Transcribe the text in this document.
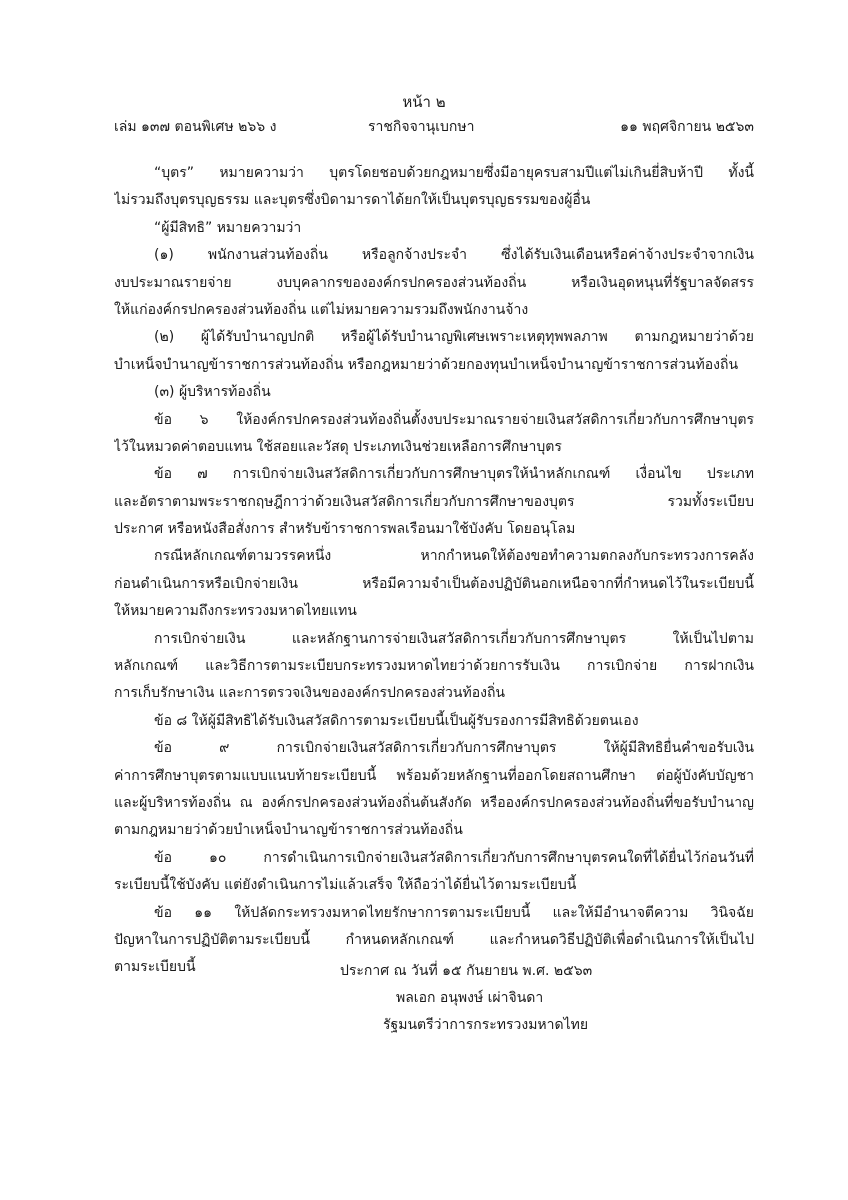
หน้า ๒
เล่ม ๑๓๗ ตอนพิเศษ ๒๖๖ ง	ราชกิจจานุเบกษา	๑๑ พฤศจิกายน ๒๕๖๓
“บุตร” หมายความว่า บุตรโดยชอบด้วยกฎหมายซึ่งมีอายุครบสามปีแต่ไม่เกินยี่สิบห้าปี ทั้งนี้
ไม่รวมถึงบุตรบุญธรรม และบุตรซึ่งบิดามารดาได้ยกให้เป็นบุตรบุญธรรมของผู้อื่น
“ผู้มีสิทธิ” หมายความว่า
(๑) พนักงานส่วนท้องถิ่น หรือลูกจ้างประจำ ซึ่งได้รับเงินเดือนหรือค่าจ้างประจำจากเงิน
งบประมาณรายจ่าย งบบุคลากรขององค์กรปกครองส่วนท้องถิ่น หรือเงินอุดหนุนที่รัฐบาลจัดสรร
ให้แก่องค์กรปกครองส่วนท้องถิ่น แต่ไม่หมายความรวมถึงพนักงานจ้าง
(๒) ผู้ได้รับบำนาญปกติ หรือผู้ได้รับบำนาญพิเศษเพราะเหตุทุพพลภาพ ตามกฎหมายว่าด้วย
บำเหน็จบำนาญข้าราชการส่วนท้องถิ่น หรือกฎหมายว่าด้วยกองทุนบำเหน็จบำนาญข้าราชการส่วนท้องถิ่น
(๓) ผู้บริหารท้องถิ่น
ข้อ ๖ ให้องค์กรปกครองส่วนท้องถิ่นตั้งงบประมาณรายจ่ายเงินสวัสดิการเกี่ยวกับการศึกษาบุตร
ไว้ในหมวดค่าตอบแทน ใช้สอยและวัสดุ ประเภทเงินช่วยเหลือการศึกษาบุตร
ข้อ ๗ การเบิกจ่ายเงินสวัสดิการเกี่ยวกับการศึกษาบุตรให้นำหลักเกณฑ์ เงื่อนไข ประเภท
และอัตราตามพระราชกฤษฎีกาว่าด้วยเงินสวัสดิการเกี่ยวกับการศึกษาของบุตร รวมทั้งระเบียบ
ประกาศ หรือหนังสือสั่งการ สำหรับข้าราชการพลเรือนมาใช้บังคับ โดยอนุโลม
กรณีหลักเกณฑ์ตามวรรคหนึ่ง หากกำหนดให้ต้องขอทำความตกลงกับกระทรวงการคลัง
ก่อนดำเนินการหรือเบิกจ่ายเงิน หรือมีความจำเป็นต้องปฏิบัตินอกเหนือจากที่กำหนดไว้ในระเบียบนี้
ให้หมายความถึงกระทรวงมหาดไทยแทน
การเบิกจ่ายเงิน และหลักฐานการจ่ายเงินสวัสดิการเกี่ยวกับการศึกษาบุตร ให้เป็นไปตาม
หลักเกณฑ์ และวิธีการตามระเบียบกระทรวงมหาดไทยว่าด้วยการรับเงิน การเบิกจ่าย การฝากเงิน
การเก็บรักษาเงิน และการตรวจเงินขององค์กรปกครองส่วนท้องถิ่น
ข้อ ๘ ให้ผู้มีสิทธิได้รับเงินสวัสดิการตามระเบียบนี้เป็นผู้รับรองการมีสิทธิด้วยตนเอง
ข้อ ๙ การเบิกจ่ายเงินสวัสดิการเกี่ยวกับการศึกษาบุตร ให้ผู้มีสิทธิยื่นคำขอรับเงิน
ค่าการศึกษาบุตรตามแบบแนบท้ายระเบียบนี้ พร้อมด้วยหลักฐานที่ออกโดยสถานศึกษา ต่อผู้บังคับบัญชา
และผู้บริหารท้องถิ่น ณ องค์กรปกครองส่วนท้องถิ่นต้นสังกัด หรือองค์กรปกครองส่วนท้องถิ่นที่ขอรับบำนาญ
ตามกฎหมายว่าด้วยบำเหน็จบำนาญข้าราชการส่วนท้องถิ่น
ข้อ ๑๐ การดำเนินการเบิกจ่ายเงินสวัสดิการเกี่ยวกับการศึกษาบุตรคนใดที่ได้ยื่นไว้ก่อนวันที่
ระเบียบนี้ใช้บังคับ แต่ยังดำเนินการไม่แล้วเสร็จ ให้ถือว่าได้ยื่นไว้ตามระเบียบนี้
ข้อ ๑๑ ให้ปลัดกระทรวงมหาดไทยรักษาการตามระเบียบนี้ และให้มีอำนาจตีความ วินิจฉัย
ปัญหาในการปฏิบัติตามระเบียบนี้ กำหนดหลักเกณฑ์ และกำหนดวิธีปฏิบัติเพื่อดำเนินการให้เป็นไป
ตามระเบียบนี้	ประกาศ ณ วันที่ ๑๕ กันยายน พ.ศ. ๒๕๖๓
พลเอก อนุพงษ์ เผ่าจินดา
รัฐมนตรีว่าการกระทรวงมหาดไทย
